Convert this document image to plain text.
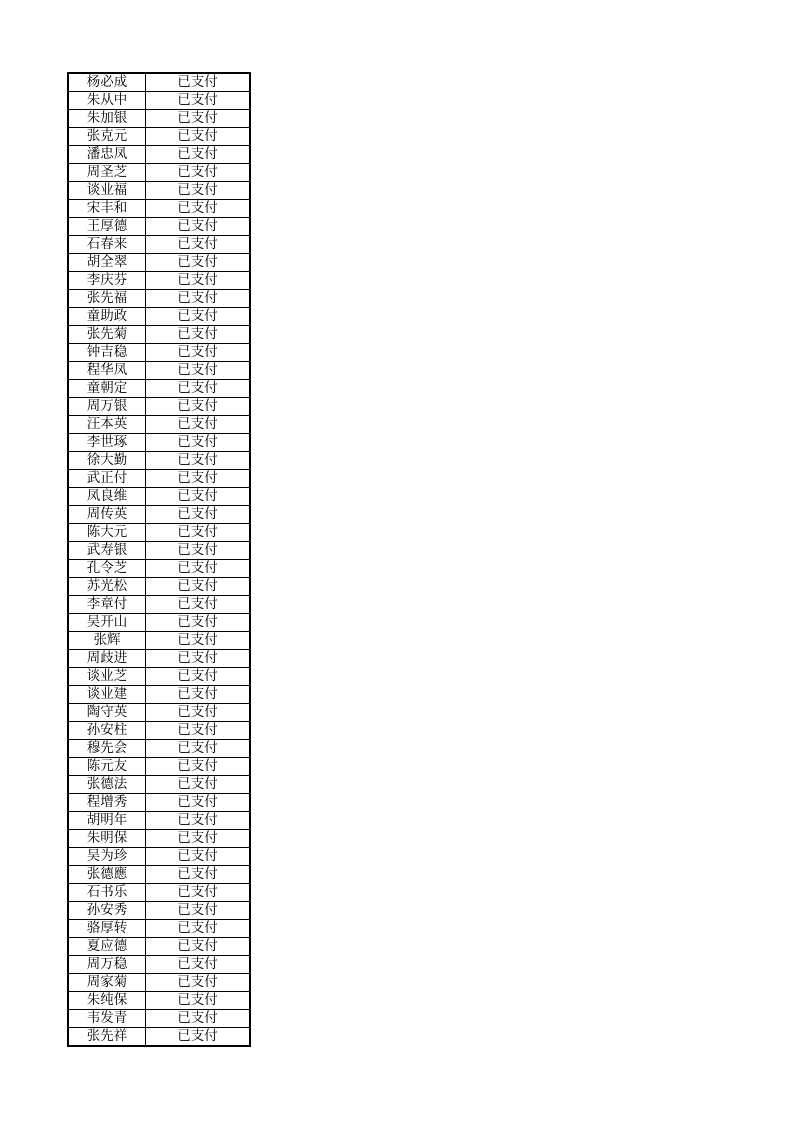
杨必成	已支付
朱从中	已支付
朱加银	已支付
张克元	已支付
潘忠凤	已支付
周圣芝	已支付
谈业福	已支付
宋丰和	已支付
王厚德	已支付
石春来	已支付
胡全翠	已支付
李庆芬	已支付
张先福	已支付
童助政	已支付
张先菊	已支付
钟吉稳	已支付
程华凤	已支付
童朝定	已支付
周万银	已支付
汪本英	已支付
李世琢	已支付
徐大勤	已支付
武正付	已支付
凤良维	已支付
周传英	已支付
陈大元	已支付
武寿银	已支付
孔令芝	已支付
苏光松	已支付
李章付	已支付
吴开山	已支付
张辉	已支付
周歧进	已支付
谈业芝	已支付
谈业建	已支付
陶守英	已支付
孙安柱	已支付
穆先会	已支付
陈元友	已支付
张德法	已支付
程增秀	已支付
胡明年	已支付
朱明保	已支付
吴为珍	已支付
张德應	已支付
石书乐	已支付
孙安秀	已支付
骆厚转	已支付
夏应德	已支付
周万稳	已支付
周家菊	已支付
朱纯保	已支付
韦发青	已支付
张先祥	已支付
